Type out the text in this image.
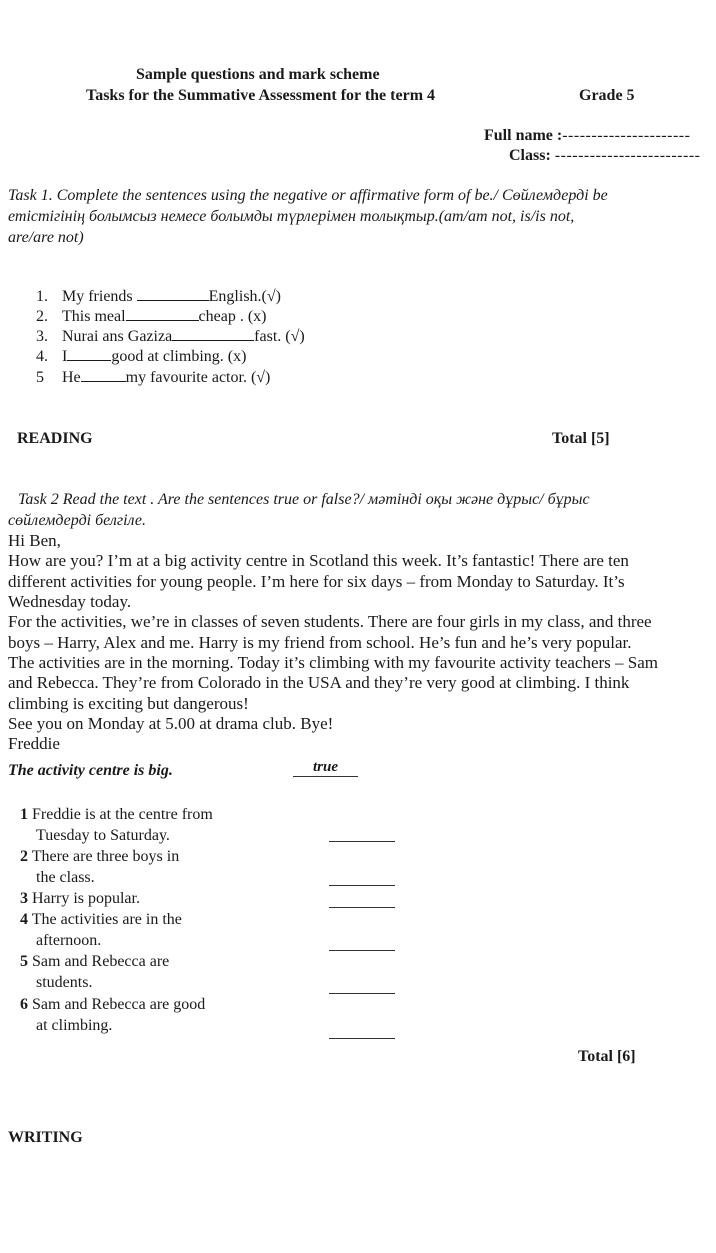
Sample questions and mark scheme
Tasks for the Summative Assessment for the term 4	Grade 5
Full name :----------------------
Class: -------------------------
Task 1. Complete the sentences using the negative or affirmative form of be./ Сөйлемдерді be
етістігінің болымсыз немесе болымды түрлерімен толықтыр.(am/am not, is/is not,
are/are not)
1. My friends	English.(√)
2. This meal	cheap . (x)
3. Nurai ans Gaziza	fast. (√)
4. I	good at climbing. (x)
5 He	my favourite actor. (√)
READING	Total [5]
Task 2 Read the text . Are the sentences true or false?/ мәтінді оқы және дұрыс/ бұрыс
сөйлемдерді белгіле.
Hi Ben,
How are you? I’m at a big activity centre in Scotland this week. It’s fantastic! There are ten
different activities for young people. I’m here for six days – from Monday to Saturday. It’s
Wednesday today.
For the activities, we’re in classes of seven students. There are four girls in my class, and three
boys – Harry, Alex and me. Harry is my friend from school. He’s fun and he’s very popular.
The activities are in the morning. Today it’s climbing with my favourite activity teachers – Sam
and Rebecca. They’re from Colorado in the USA and they’re very good at climbing. I think
climbing is exciting but dangerous!
See you on Monday at 5.00 at drama club. Bye!
Freddie
The activity centre is big.	true
1 Freddie is at the centre from
Tuesday to Saturday.
2 There are three boys in
the class.
3 Harry is popular.
4 The activities are in the
afternoon.
5 Sam and Rebecca are
students.
6 Sam and Rebecca are good
at climbing.
Total [6]
WRITING
